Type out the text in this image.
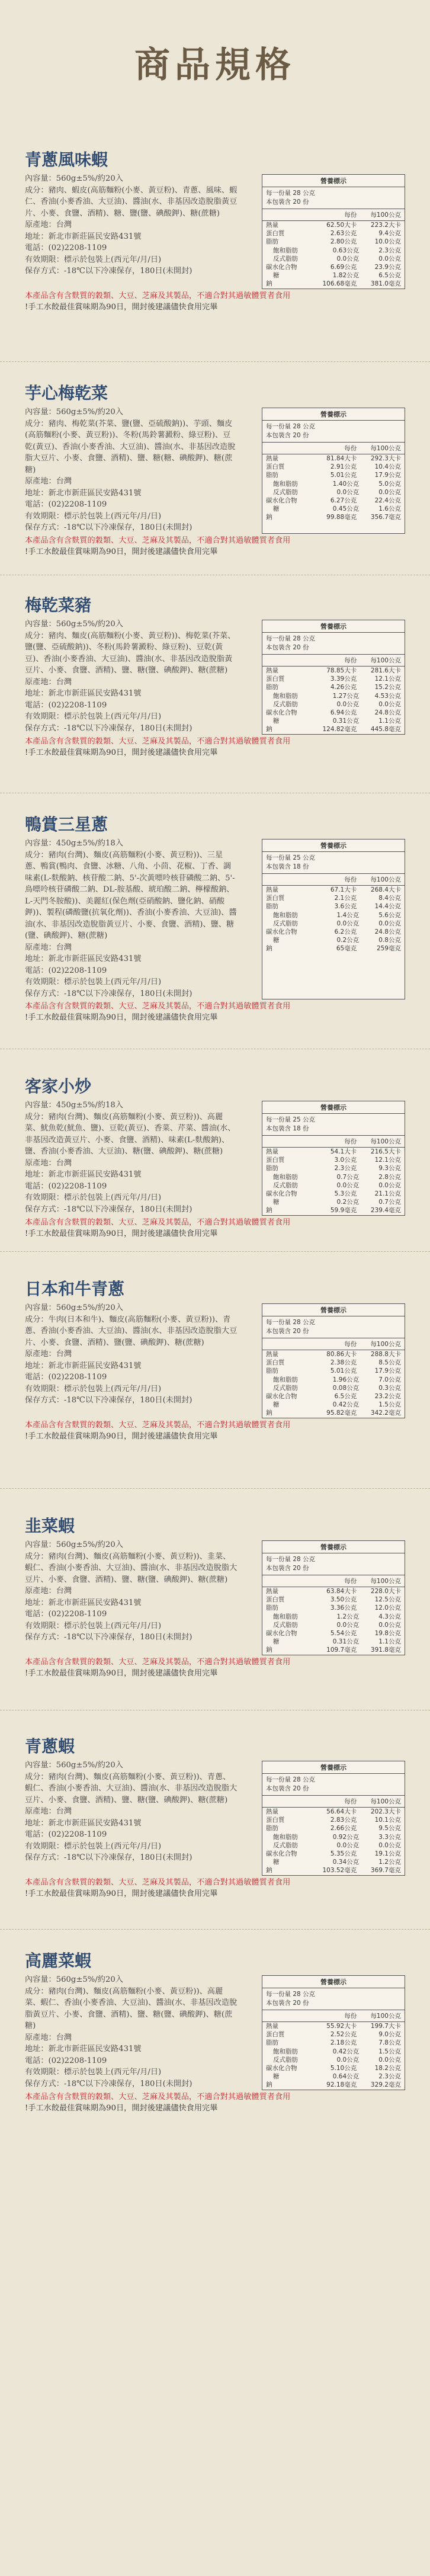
商品規格
青蔥風味蝦
內容量：560g±5%/約20入
成分：豬肉、蝦皮(高筋麵粉(小麥、黃豆粉)、青蔥、風味、蝦仁、香油(小麥香油、大豆油)、醬油(水、非基因改造脫脂黃豆片、小麥、食鹽、酒精)、糖、鹽(鹽、碘酸鉀)、糖(蔗糖)
原產地：台灣
地址：新北市新莊區民安路431號
電話：(02)2208-1109
有效期限：標示於包裝上(西元年/月/日)
保存方式：-18℃以下冷凍保存，180日(未開封)
營養標示
每一份量 28 公克
本包裝含 20 份
每份	每100公克
熱量	62.50大卡	223.2大卡
蛋白質	2.63公克	9.4公克
脂肪	2.80公克	10.0公克
飽和脂肪	0.63公克	2.3公克
反式脂肪	0.0公克	0.0公克
碳水化合物	6.69公克	23.9公克
糖	1.82公克	6.5公克
鈉	106.68毫克	381.0毫克
本產品含有含麩質的穀類、大豆、芝麻及其製品，不適合對其過敏體質者食用
!手工水餃最佳賞味期為90日，開封後建議儘快食用完畢
芋心梅乾菜
內容量：560g±5%/約20入
成分：豬肉、梅乾菜(芥菜、鹽(鹽、亞硫酸鈉))、芋頭、麵皮(高筋麵粉(小麥、黃豆粉))、冬粉(馬鈴薯澱粉、綠豆粉)、豆乾(黃豆)、香油(小麥香油、大豆油)、醬油(水、非基因改造脫脂大豆片、小麥、食鹽、酒精)、鹽、糖(糖、碘酸鉀)、糖(蔗糖)
原產地：台灣
地址：新北市新莊區民安路431號
電話：(02)2208-1109
有效期限：標示於包裝上(西元年/月/日)
保存方式：-18℃以下冷凍保存，180日(未開封)
營養標示
每一份量 28 公克
本包裝含 20 份
每份	每100公克
熱量	81.84大卡	292.3大卡
蛋白質	2.91公克	10.4公克
脂肪	5.01公克	17.9公克
飽和脂肪	1.40公克	5.0公克
反式脂肪	0.0公克	0.0公克
碳水化合物	6.27公克	22.4公克
糖	0.45公克	1.6公克
鈉	99.88毫克	356.7毫克
本產品含有含麩質的穀類、大豆、芝麻及其製品，不適合對其過敏體質者食用
!手工水餃最佳賞味期為90日，開封後建議儘快食用完畢
梅乾菜豬
內容量：560g±5%/約20入
成分：豬肉、麵皮(高筋麵粉(小麥、黃豆粉))、梅乾菜(芥菜、鹽(鹽、亞硫酸鈉))、冬粉(馬鈴薯澱粉、綠豆粉)、豆乾(黃豆)、香油(小麥香油、大豆油)、醬油(水、非基因改造脫脂黃豆片、小麥、食鹽、酒精)、鹽、糖(鹽、碘酸鉀)、糖(蔗糖)
原產地：台灣
地址：新北市新莊區民安路431號
電話：(02)2208-1109
有效期限：標示於包裝上(西元年/月/日)
保存方式：-18℃以下冷凍保存，180日(未開封)
營養標示
每一份量 28 公克
本包裝含 20 份
每份	每100公克
熱量	78.85大卡	281.6大卡
蛋白質	3.39公克	12.1公克
脂肪	4.26公克	15.2公克
飽和脂肪	1.27公克	4.53公克
反式脂肪	0.0公克	0.0公克
碳水化合物	6.94公克	24.8公克
糖	0.31公克	1.1公克
鈉	124.82毫克	445.8毫克
本產品含有含麩質的穀類、大豆、芝麻及其製品，不適合對其過敏體質者食用
!手工水餃最佳賞味期為90日，開封後建議儘快食用完畢
鴨賞三星蔥
內容量：450g±5%/約18入
成分：豬肉(台灣)、麵皮(高筋麵粉(小麥、黃豆粉))、三星蔥、鴨賞(鴨肉、食鹽、冰糖、八角、小茴、花椒、丁香、調味素(L-麩酸鈉、核苷酸二鈉、5'-次黃嘌呤核苷磷酸二鈉、5'-鳥嘌呤核苷磷酸二鈉、DL-胺基酸、琥珀酸二鈉、檸檬酸鈉、L-天門冬胺酸))、美麗紅(保色劑(亞硝酸鈉、鹽化鈉、硝酸鉀))、製程(磷酸鹽(抗氧化劑))、香油(小麥香油、大豆油)、醬油(水、非基因改造脫脂黃豆片、小麥、食鹽、酒精)、鹽、糖(鹽、碘酸鉀)、糖(蔗糖)
原產地：台灣
地址：新北市新莊區民安路431號
電話：(02)2208-1109
有效期限：標示於包裝上(西元年/月/日)
保存方式：-18℃以下冷凍保存，180日(未開封)
營養標示
每一份量 25 公克
本包裝含 18 份
每份	每100公克
熱量	67.1大卡	268.4大卡
蛋白質	2.1公克	8.4公克
脂肪	3.6公克	14.4公克
飽和脂肪	1.4公克	5.6公克
反式脂肪	0.0公克	0.0公克
碳水化合物	6.2公克	24.8公克
糖	0.2公克	0.8公克
鈉	65毫克	259毫克
本產品含有含麩質的穀類、大豆、芝麻及其製品，不適合對其過敏體質者食用
!手工水餃最佳賞味期為90日，開封後建議儘快食用完畢
客家小炒
內容量：450g±5%/約18入
成分：豬肉(台灣)、麵皮(高筋麵粉(小麥、黃豆粉))、高麗菜、魷魚乾(魷魚、鹽)、豆乾(黃豆)、香菜、芹菜、醬油(水、非基因改造黃豆片、小麥、食鹽、酒精)、味素(L-麩酸鈉)、鹽、香油(小麥香油、大豆油)、糖(鹽、碘酸鉀)、糖(蔗糖)
原產地：台灣
地址：新北市新莊區民安路431號
電話：(02)2208-1109
有效期限：標示於包裝上(西元年/月/日)
保存方式：-18℃以下冷凍保存，180日(未開封)
營養標示
每一份量 25 公克
本包裝含 18 份
每份	每100公克
熱量	54.1大卡	216.5大卡
蛋白質	3.0公克	12.1公克
脂肪	2.3公克	9.3公克
飽和脂肪	0.7公克	2.8公克
反式脂肪	0.0公克	0.0公克
碳水化合物	5.3公克	21.1公克
糖	0.2公克	0.7公克
鈉	59.9毫克	239.4毫克
本產品含有含麩質的穀類、大豆、芝麻及其製品，不適合對其過敏體質者食用
!手工水餃最佳賞味期為90日，開封後建議儘快食用完畢
日本和牛青蔥
內容量：560g±5%/約20入
成分：牛肉(日本和牛)、麵皮(高筋麵粉(小麥、黃豆粉))、青蔥、香油(小麥香油、大豆油)、醬油(水、非基因改造脫脂大豆片、小麥、食鹽、酒精)、鹽(鹽、碘酸鉀)、糖(蔗糖)
原產地：台灣
地址：新北市新莊區民安路431號
電話：(02)2208-1109
有效期限：標示於包裝上(西元年/月/日)
保存方式：-18℃以下冷凍保存，180日(未開封)
營養標示
每一份量 28 公克
本包裝含 20 份
每份	每100公克
熱量	80.86大卡	288.8大卡
蛋白質	2.38公克	8.5公克
脂肪	5.01公克	17.9公克
飽和脂肪	1.96公克	7.0公克
反式脂肪	0.08公克	0.3公克
碳水化合物	6.5公克	23.2公克
糖	0.42公克	1.5公克
鈉	95.82毫克	342.2毫克
本產品含有含麩質的穀類、大豆、芝麻及其製品，不適合對其過敏體質者食用
!手工水餃最佳賞味期為90日，開封後建議儘快食用完畢
韭菜蝦
內容量：560g±5%/約20入
成分：豬肉(台灣)、麵皮(高筋麵粉(小麥、黃豆粉))、韭菜、蝦仁、香油(小麥香油、大豆油)、醬油(水、非基因改造脫脂大豆片、小麥、食鹽、酒精)、鹽、糖(鹽、碘酸鉀)、糖(蔗糖)
原產地：台灣
地址：新北市新莊區民安路431號
電話：(02)2208-1109
有效期限：標示於包裝上(西元年/月/日)
保存方式：-18℃以下冷凍保存，180日(未開封)
營養標示
每一份量 28 公克
本包裝含 20 份
每份	每100公克
熱量	63.84大卡	228.0大卡
蛋白質	3.50公克	12.5公克
脂肪	3.36公克	12.0公克
飽和脂肪	1.2公克	4.3公克
反式脂肪	0.0公克	0.0公克
碳水化合物	5.54公克	19.8公克
糖	0.31公克	1.1公克
鈉	109.7毫克	391.8毫克
本產品含有含麩質的穀類、大豆、芝麻及其製品，不適合對其過敏體質者食用
!手工水餃最佳賞味期為90日，開封後建議儘快食用完畢
青蔥蝦
內容量：560g±5%/約20入
成分：豬肉(台灣)、麵皮(高筋麵粉(小麥、黃豆粉))、青蔥、蝦仁、香油(小麥香油、大豆油)、醬油(水、非基因改造脫脂大豆片、小麥、食鹽、酒精)、鹽、糖(鹽、碘酸鉀)、糖(蔗糖)
原產地：台灣
地址：新北市新莊區民安路431號
電話：(02)2208-1109
有效期限：標示於包裝上(西元年/月/日)
保存方式：-18℃以下冷凍保存，180日(未開封)
營養標示
每一份量 28 公克
本包裝含 20 份
每份	每100公克
熱量	56.64大卡	202.3大卡
蛋白質	2.83公克	10.1公克
脂肪	2.66公克	9.5公克
飽和脂肪	0.92公克	3.3公克
反式脂肪	0.0公克	0.0公克
碳水化合物	5.35公克	19.1公克
糖	0.34公克	1.2公克
鈉	103.52毫克	369.7毫克
本產品含有含麩質的穀類、大豆、芝麻及其製品，不適合對其過敏體質者食用
!手工水餃最佳賞味期為90日，開封後建議儘快食用完畢
高麗菜蝦
內容量：560g±5%/約20入
成分：豬肉(台灣)、麵皮(高筋麵粉(小麥、黃豆粉))、高麗菜、蝦仁、香油(小麥香油、大豆油)、醬油(水、非基因改造脫脂黃豆片、小麥、食鹽、酒精)、鹽、糖(鹽、碘酸鉀)、糖(蔗糖)
原產地：台灣
地址：新北市新莊區民安路431號
電話：(02)2208-1109
有效期限：標示於包裝上(西元年/月/日)
保存方式：-18℃以下冷凍保存，180日(未開封)
營養標示
每一份量 28 公克
本包裝含 20 份
每份	每100公克
熱量	55.92大卡	199.7大卡
蛋白質	2.52公克	9.0公克
脂肪	2.18公克	7.8公克
飽和脂肪	0.42公克	1.5公克
反式脂肪	0.0公克	0.0公克
碳水化合物	5.10公克	18.2公克
糖	0.64公克	2.3公克
鈉	92.18毫克	329.2毫克
本產品含有含麩質的穀類、大豆、芝麻及其製品，不適合對其過敏體質者食用
!手工水餃最佳賞味期為90日，開封後建議儘快食用完畢
